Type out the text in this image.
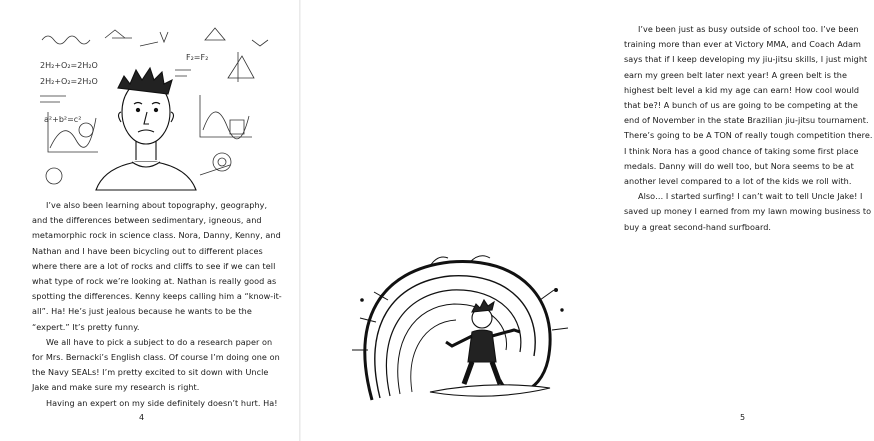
2H₂+O₂=2H₂O
2H₂+O₂=2H₂O
F₂=F₂
a²+b²=c²

I’ve also been learning about topography, geography, and the differences between sedimentary, igneous, and metamorphic rock in science class. Nora, Danny, Kenny, and Nathan and I have been bicycling out to different places where there are a lot of rocks and cliffs to see if we can tell what type of rock we’re looking at. Nathan is really good as spotting the differences. Kenny keeps calling him a “know-it-all”. Ha! He’s just jealous because he wants to be the “expert.” It’s pretty funny.

We all have to pick a subject to do a research paper on for Mrs. Bernacki’s English class. Of course I’m doing one on the Navy SEALs! I’m pretty excited to sit down with Uncle Jake and make sure my research is right.

Having an expert on my side definitely doesn’t hurt. Ha!

4

I’ve been just as busy outside of school too. I’ve been training more than ever at Victory MMA, and Coach Adam says that if I keep developing my jiu-jitsu skills, I just might earn my green belt later next year! A green belt is the highest belt level a kid my age can earn! How cool would that be?! A bunch of us are going to be competing at the end of November in the state Brazilian jiu-jitsu tournament. There’s going to be A TON of really tough competition there. I think Nora has a good chance of taking some first place medals. Danny will do well too, but Nora seems to be at another level compared to a lot of the kids we roll with.

Also… I started surfing! I can’t wait to tell Uncle Jake! I saved up money I earned from my lawn mowing business to buy a great second-hand surfboard.

5
